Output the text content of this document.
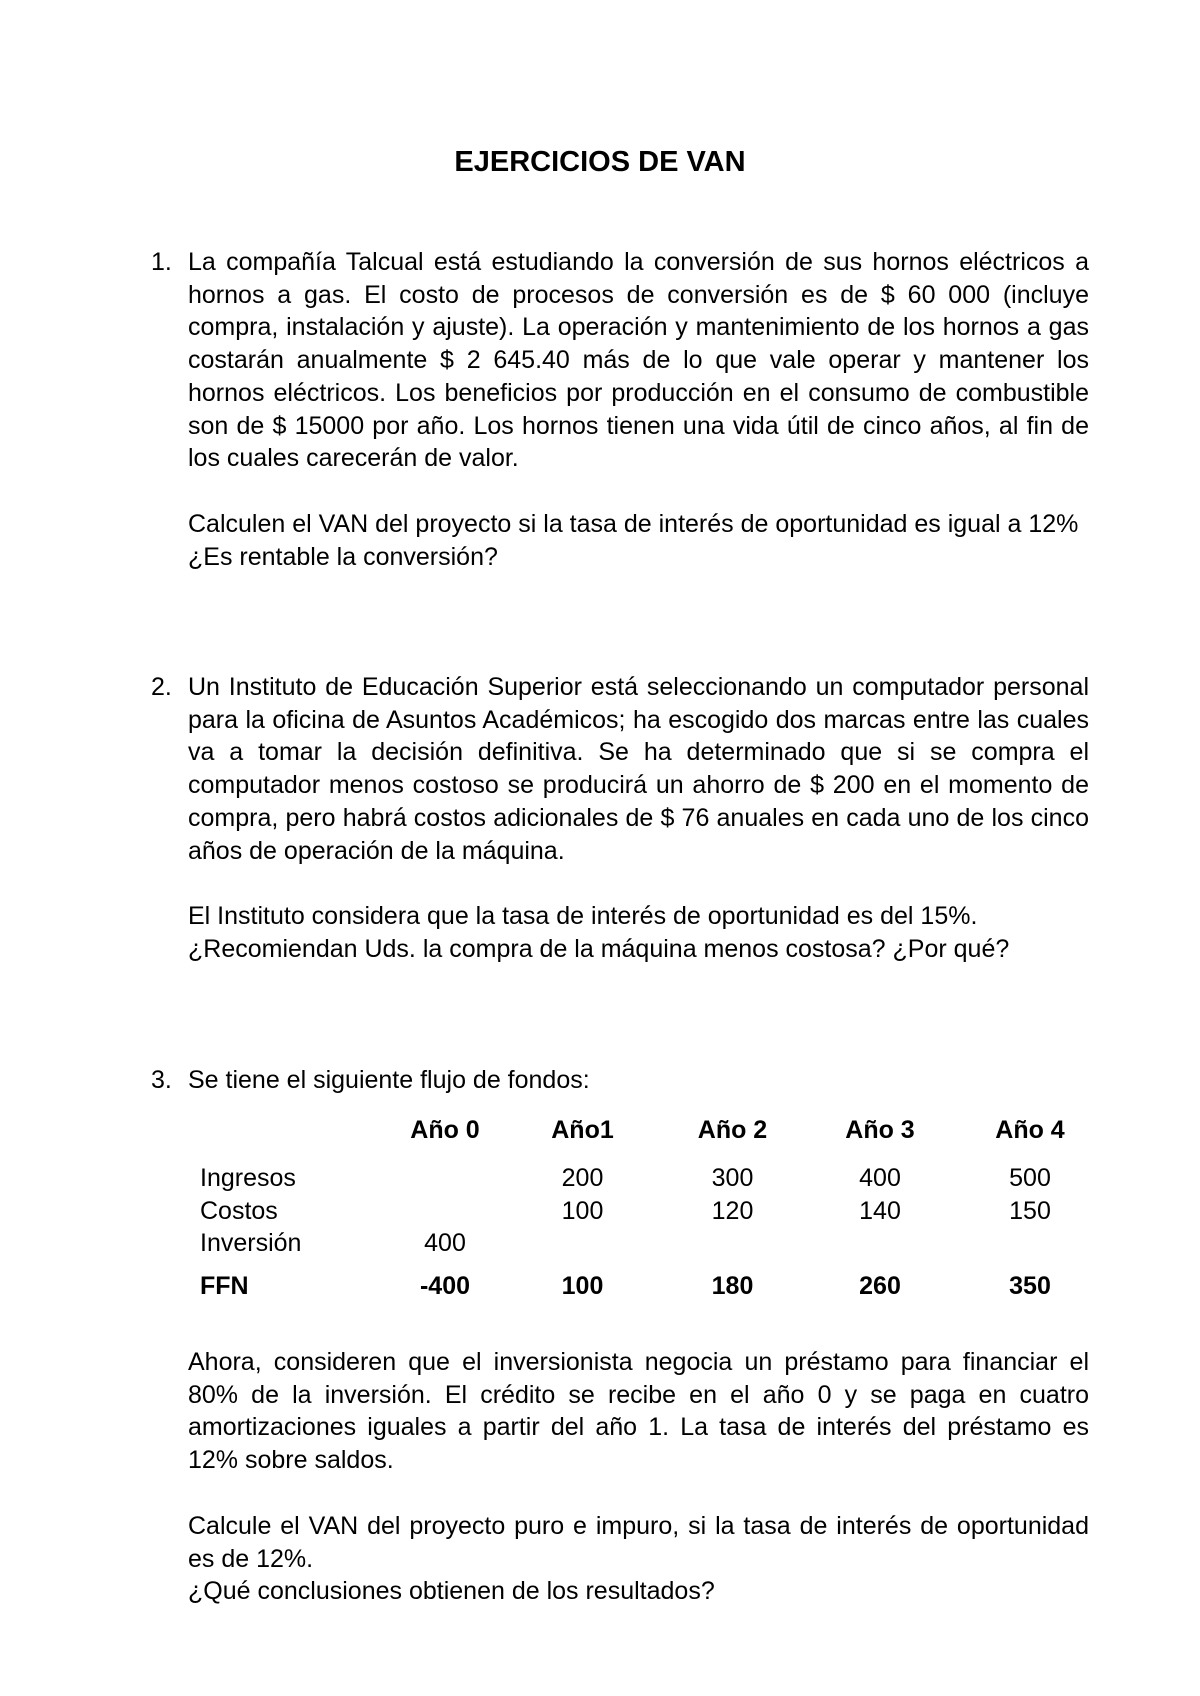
EJERCICIOS DE VAN
1. La compañía Talcual está estudiando la conversión de sus hornos eléctricos a hornos a gas. El costo de procesos de conversión es de $ 60 000 (incluye compra, instalación y ajuste). La operación y mantenimiento de los hornos a gas costarán anualmente $ 2 645.40 más de lo que vale operar y mantener los hornos eléctricos. Los beneficios por producción en el consumo de combustible son de $ 15000 por año. Los hornos tienen una vida útil de cinco años, al fin de los cuales carecerán de valor.

Calculen el VAN del proyecto si la tasa de interés de oportunidad es igual a 12%

¿Es rentable la conversión?

2. Un Instituto de Educación Superior está seleccionando un computador personal para la oficina de Asuntos Académicos; ha escogido dos marcas entre las cuales va a tomar la decisión definitiva. Se ha determinado que si se compra el computador menos costoso se producirá un ahorro de $ 200 en el momento de compra, pero habrá costos adicionales de $ 76 anuales en cada uno de los cinco años de operación de la máquina.

El Instituto considera que la tasa de interés de oportunidad es del 15%.

¿Recomiendan Uds. la compra de la máquina menos costosa? ¿Por qué?

3. Se tiene el siguiente flujo de fondos:

	Año 0	Año1	Año 2	Año 3	Año 4
Ingresos		200	300	400	500
Costos		100	120	140	150
Inversión	400				
FFN	-400	100	180	260	350

Ahora, consideren que el inversionista negocia un préstamo para financiar el 80% de la inversión. El crédito se recibe en el año 0 y se paga en cuatro amortizaciones iguales a partir del año 1. La tasa de interés del préstamo es 12% sobre saldos.

Calcule el VAN del proyecto puro e impuro, si la tasa de interés de oportunidad es de 12%.

¿Qué conclusiones obtienen de los resultados?
